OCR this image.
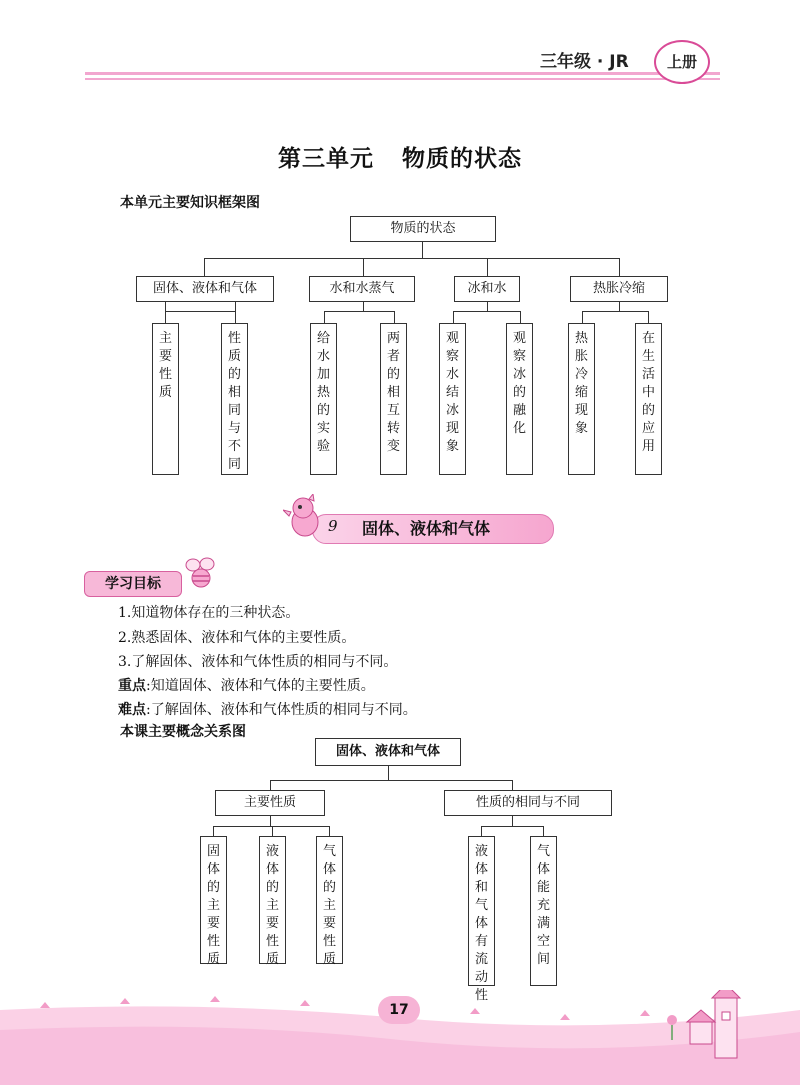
三年级 · JR	上册
第三单元 物质的状态
本单元主要知识框架图
物质的状态
固体、液体和气体	水和水蒸气	冰和水	热胀冷缩
主要性质
性质的相同与不同
给水加热的实验
两者的相互转变
观察水结冰现象
观察冰的融化
热胀冷缩现象
在生活中的应用
9 固体、液体和气体
学习目标
1.知道物体存在的三种状态。
2.熟悉固体、液体和气体的主要性质。
3.了解固体、液体和气体性质的相同与不同。
重点:知道固体、液体和气体的主要性质。
难点:了解固体、液体和气体性质的相同与不同。
本课主要概念关系图
固体、液体和气体
主要性质	性质的相同与不同
固体的主要性质
液体的主要性质
气体的主要性质
液体和气体有流动性
气体能充满空间
17
